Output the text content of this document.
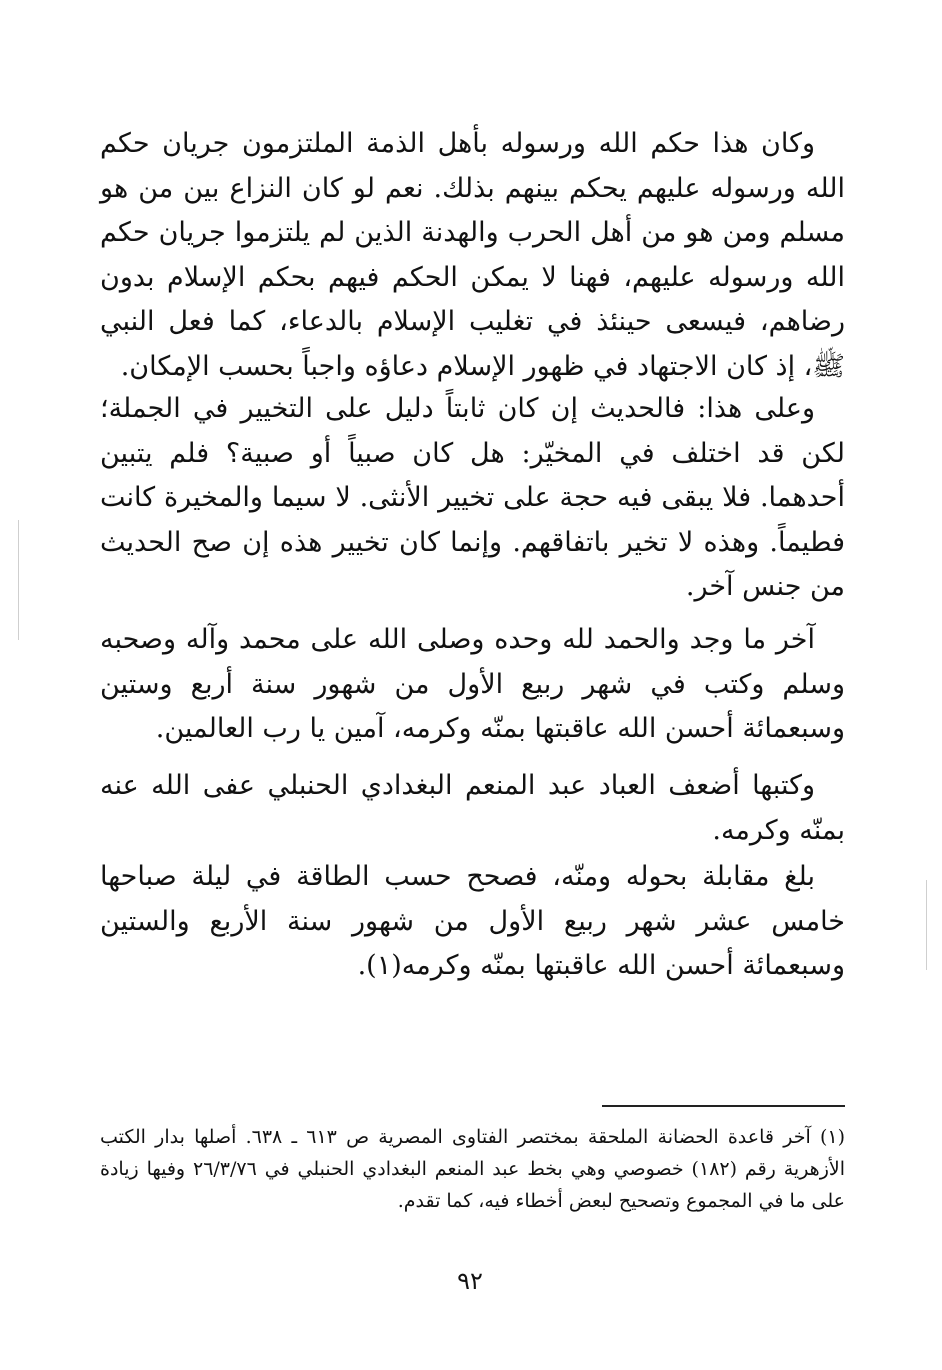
وكان هذا حكم الله ورسوله بأهل الذمة الملتزمون جريان حكم الله ورسوله عليهم يحكم بينهم بذلك. نعم لو كان النزاع بين من هو مسلم ومن هو من أهل الحرب والهدنة الذين لم يلتزموا جريان حكم الله ورسوله عليهم، فهنا لا يمكن الحكم فيهم بحكم الإسلام بدون رضاهم، فيسعى حينئذ في تغليب الإسلام بالدعاء، كما فعل النبي ﷺ، إذ كان الاجتهاد في ظهور الإسلام دعاؤه واجباً بحسب الإمكان.

وعلى هذا: فالحديث إن كان ثابتاً دليل على التخيير في الجملة؛ لكن قد اختلف في المخيّر: هل كان صبياً أو صبية؟ فلم يتبين أحدهما. فلا يبقى فيه حجة على تخيير الأنثى. لا سيما والمخيرة كانت فطيماً. وهذه لا تخير باتفاقهم. وإنما كان تخيير هذه إن صح الحديث من جنس آخر.

آخر ما وجد والحمد لله وحده وصلى الله على محمد وآله وصحبه وسلم وكتب في شهر ربيع الأول من شهور سنة أربع وستين وسبعمائة أحسن الله عاقبتها بمنّه وكرمه، آمين يا رب العالمين.

وكتبها أضعف العباد عبد المنعم البغدادي الحنبلي عفى الله عنه بمنّه وكرمه.

بلغ مقابلة بحوله ومنّه، فصحح حسب الطاقة في ليلة صباحها خامس عشر شهر ربيع الأول من شهور سنة الأربع والستين وسبعمائة أحسن الله عاقبتها بمنّه وكرمه(١).

(١) آخر قاعدة الحضانة الملحقة بمختصر الفتاوى المصرية ص ٦١٣ ـ ٦٣٨. أصلها بدار الكتب الأزهرية رقم (١٨٢) خصوصي وهي بخط عبد المنعم البغدادي الحنبلي في ٢٦/٣/٧٦ وفيها زيادة على ما في المجموع وتصحيح لبعض أخطاء فيه، كما تقدم.

٩٢
